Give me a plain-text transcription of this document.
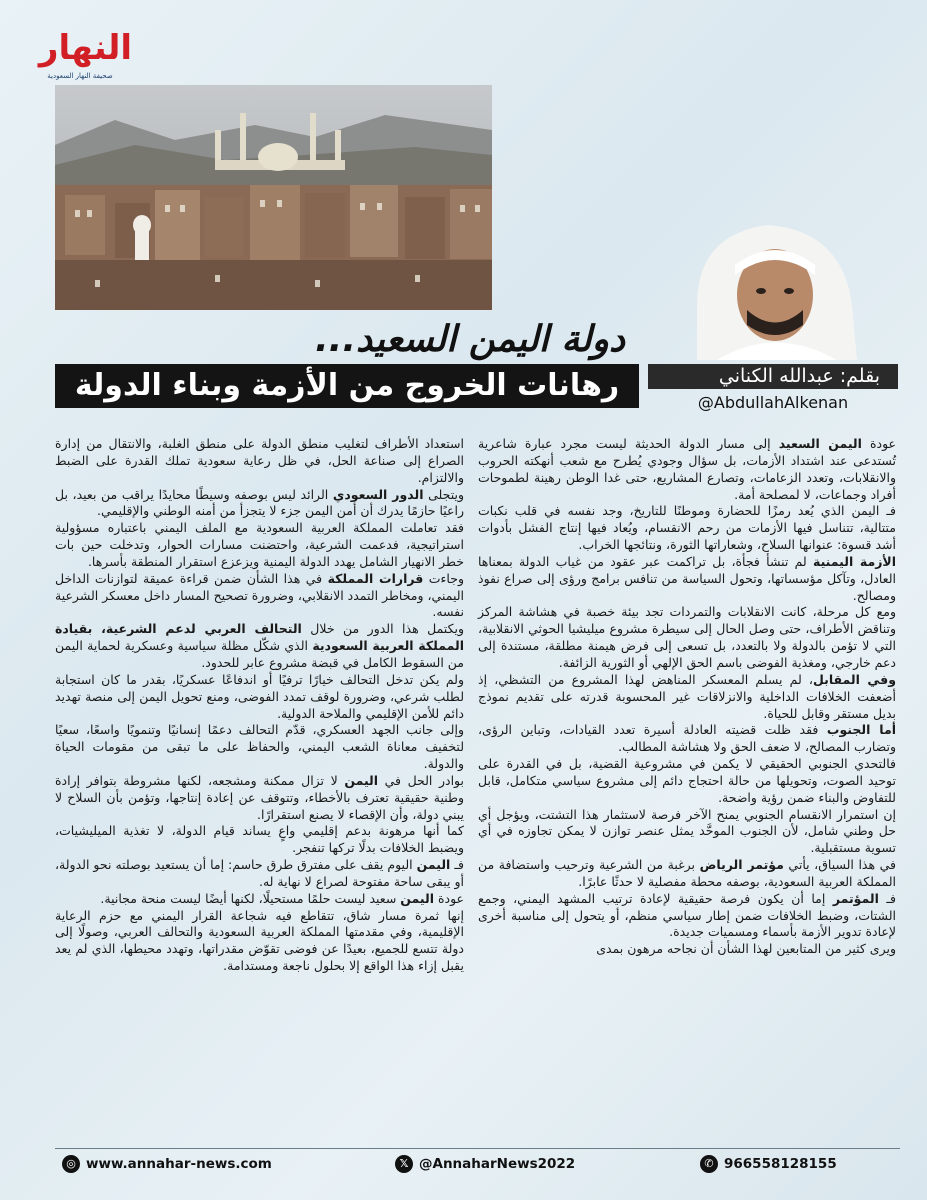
النهار
صحيفة النهار السعودية
دولة اليمن السعيد...
رهانات الخروج من الأزمة وبناء الدولة	بقلم: عبدالله الكناني
@AbdullahAlkenan

عودة اليمن السعيد إلى مسار الدولة الحديثة ليست مجرد عبارة شاعرية تُستدعى عند اشتداد الأزمات، بل سؤال وجودي يُطرح مع شعب أنهكته الحروب والانقلابات، وتعدد الزعامات، وتصارع المشاريع، حتى غدا الوطن رهينة لطموحات أفراد وجماعات، لا لمصلحة أمة.

فـ اليمن الذي يُعد رمزًا للحضارة وموطنًا للتاريخ، وجد نفسه في قلب نكبات متتالية، تتناسل فيها الأزمات من رحم الانقسام، ويُعاد فيها إنتاج الفشل بأدوات أشد قسوة: عنوانها السلاح، وشعاراتها الثورة، ونتائجها الخراب.

الأزمة اليمنية لم تنشأ فجأة، بل تراكمت عبر عقود من غياب الدولة بمعناها العادل، وتآكل مؤسساتها، وتحول السياسة من تنافس برامج ورؤى إلى صراع نفوذ ومصالح.

ومع كل مرحلة، كانت الانقلابات والتمردات تجد بيئة خصبة في هشاشة المركز وتناقض الأطراف، حتى وصل الحال إلى سيطرة مشروع ميليشيا الحوثي الانقلابية، التي لا تؤمن بالدولة ولا بالتعدد، بل تسعى إلى فرض هيمنة مطلقة، مستندة إلى دعم خارجي، ومغذية الفوضى باسم الحق الإلهي أو الثورية الزائفة.

وفي المقابل، لم يسلم المعسكر المناهض لهذا المشروع من التشظي، إذ أضعفت الخلافات الداخلية والانزلاقات غير المحسوبة قدرته على تقديم نموذج بديل مستقر وقابل للحياة.

أما الجنوب فقد ظلت قضيته العادلة أسيرة تعدد القيادات، وتباين الرؤى، وتضارب المصالح، لا ضعف الحق ولا هشاشة المطالب.

فالتحدي الجنوبي الحقيقي لا يكمن في مشروعية القضية، بل في القدرة على توحيد الصوت، وتحويلها من حالة احتجاج دائم إلى مشروع سياسي متكامل، قابل للتفاوض والبناء ضمن رؤية واضحة.

إن استمرار الانقسام الجنوبي يمنح الآخر فرصة لاستثمار هذا التشتت، ويؤجل أي حل وطني شامل، لأن الجنوب الموحَّد يمثل عنصر توازن لا يمكن تجاوزه في أي تسوية مستقبلية.

في هذا السياق، يأتي مؤتمر الرياض برغبة من الشرعية وترحيب واستضافة من المملكة العربية السعودية، بوصفه محطة مفصلية لا حدثًا عابرًا.

فـ المؤتمر إما أن يكون فرصة حقيقية لإعادة ترتيب المشهد اليمني، وجمع الشتات، وضبط الخلافات ضمن إطار سياسي منظم، أو يتحول إلى مناسبة أخرى لإعادة تدوير الأزمة بأسماء ومسميات جديدة.

ويرى كثير من المتابعين لهذا الشأن أن نجاحه مرهون بمدى

استعداد الأطراف لتغليب منطق الدولة على منطق الغلبة، والانتقال من إدارة الصراع إلى صناعة الحل، في ظل رعاية سعودية تملك القدرة على الضبط والالتزام.

ويتجلى الدور السعودي الرائد ليس بوصفه وسيطًا محايدًا يراقب من بعيد، بل راعيًا حازمًا يدرك أن أمن اليمن جزء لا يتجزأ من أمنه الوطني والإقليمي.

فقد تعاملت المملكة العربية السعودية مع الملف اليمني باعتباره مسؤولية استراتيجية، فدعمت الشرعية، واحتضنت مسارات الحوار، وتدخلت حين بات خطر الانهيار الشامل يهدد الدولة اليمنية ويزعزع استقرار المنطقة بأسرها.

وجاءت قرارات المملكة في هذا الشأن ضمن قراءة عميقة لتوازنات الداخل اليمني، ومخاطر التمدد الانقلابي، وضرورة تصحيح المسار داخل معسكر الشرعية نفسه.

ويكتمل هذا الدور من خلال التحالف العربي لدعم الشرعية، بقيادة المملكة العربية السعودية الذي شكّل مظلة سياسية وعسكرية لحماية اليمن من السقوط الكامل في قبضة مشروع عابر للحدود.

ولم يكن تدخل التحالف خيارًا ترفيًا أو اندفاعًا عسكريًا، بقدر ما كان استجابة لطلب شرعي، وضرورة لوقف تمدد الفوضى، ومنع تحويل اليمن إلى منصة تهديد دائم للأمن الإقليمي والملاحة الدولية.

وإلى جانب الجهد العسكري، قدّم التحالف دعمًا إنسانيًا وتنمويًا واسعًا، سعيًا لتخفيف معاناة الشعب اليمني، والحفاظ على ما تبقى من مقومات الحياة والدولة.

بوادر الحل في اليمن لا تزال ممكنة ومشجعه، لكنها مشروطة بتوافر إرادة وطنية حقيقية تعترف بالأخطاء، وتتوقف عن إعادة إنتاجها، وتؤمن بأن السلاح لا يبني دولة، وأن الإقصاء لا يصنع استقرارًا.

كما أنها مرهونة بدعم إقليمي واعٍ يساند قيام الدولة، لا تغذية الميليشيات، ويضبط الخلافات بدلًا تركها تنفجر.

فـ اليمن اليوم يقف على مفترق طرق حاسم: إما أن يستعيد بوصلته نحو الدولة، أو يبقى ساحة مفتوحة لصراع لا نهاية له.

عودة اليمن سعيد ليست حلمًا مستحيلًا، لكنها أيضًا ليست منحة مجانية.

إنها ثمرة مسار شاق، تتقاطع فيه شجاعة القرار اليمني مع حزم الرعاية الإقليمية، وفي مقدمتها المملكة العربية السعودية والتحالف العربي، وصولًا إلى دولة تتسع للجميع، بعيدًا عن فوضى تقوّض مقدراتها، وتهدد محيطها، الذي لم يعد يقبل إزاء هذا الواقع إلا بحلول ناجعة ومستدامة.

◎ www.annahar-news.com	𝕏 @AnnaharNews2022	✆ 966558128155
